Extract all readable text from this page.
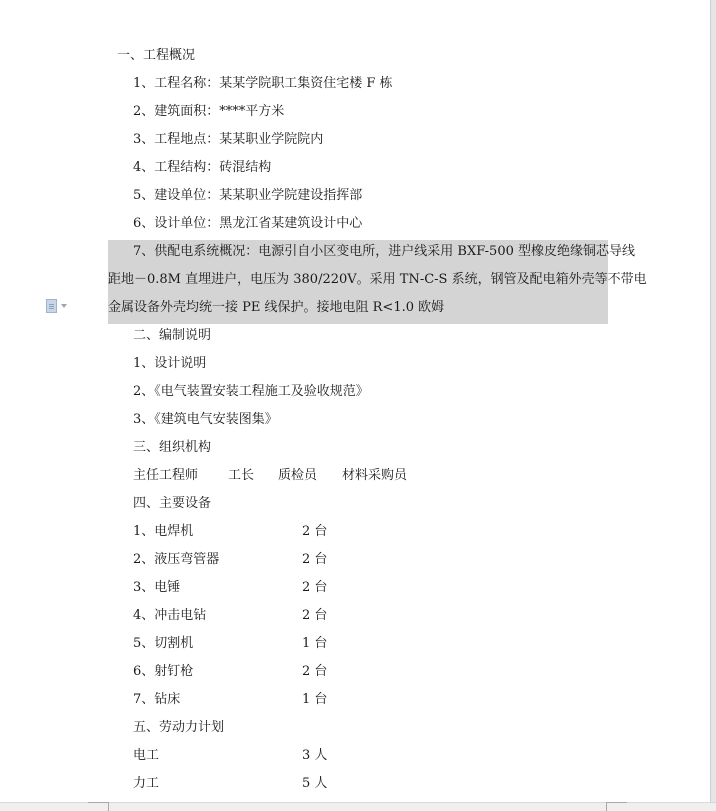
一、工程概况
1、工程名称：某某学院职工集资住宅楼 F 栋
2、建筑面积：****平方米
3、工程地点：某某职业学院院内
4、工程结构：砖混结构
5、建设单位：某某职业学院建设指挥部
6、设计单位：黑龙江省某建筑设计中心
7、供配电系统概况：电源引自小区变电所，进户线采用 BXF-500 型橡皮绝缘铜芯导线
距地－0.8M 直埋进户，电压为 380/220V。采用 TN-C-S 系统，钢管及配电箱外壳等不带电
金属设备外壳均统一接 PE 线保护。接地电阻 R<1.0 欧姆
二、编制说明
1、设计说明
2、《电气装置安装工程施工及验收规范》
3、《建筑电气安装图集》
三、组织机构
主任工程师 工长 质检员 材料采购员
四、主要设备
1、电焊机	2 台
2、液压弯管器	2 台
3、电锤	2 台
4、冲击电钻	2 台
5、切割机	1 台
6、射钉枪	2 台
7、钻床	1 台
五、劳动力计划
电工	3 人
力工	5 人
